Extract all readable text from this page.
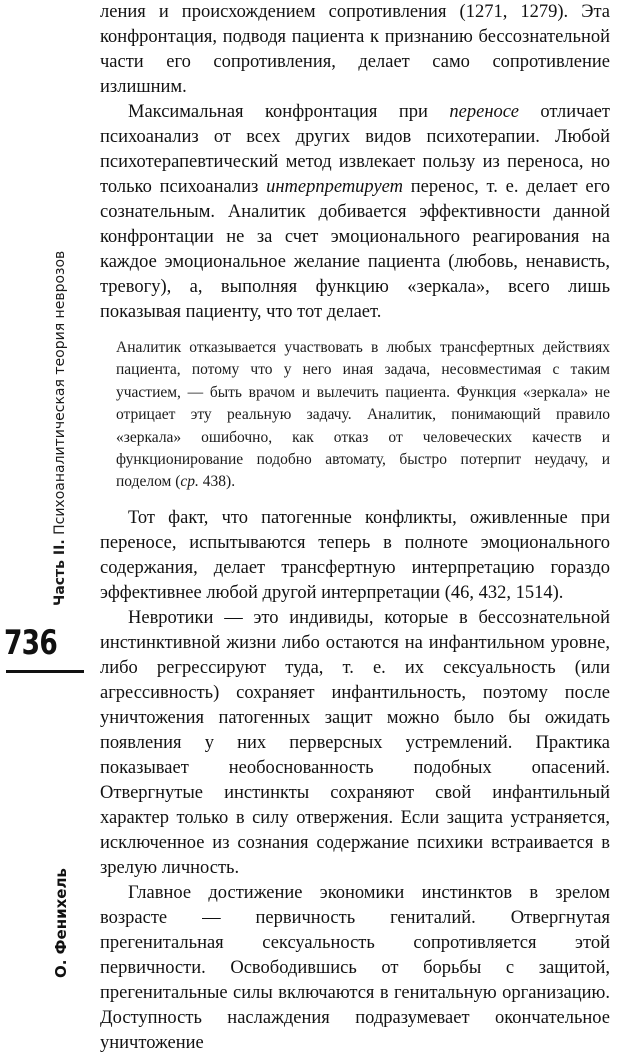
Часть II. Психоаналитическая теория неврозов
О. Фенихель
736

ления и происхождением сопротивления (1271, 1279). Эта конфронтация, подводя пациента к признанию бессознательной части его сопротивления, делает само сопротивление излишним.

Максимальная конфронтация при переносе отличает психоанализ от всех других видов психотерапии. Любой психотерапевтический метод извлекает пользу из переноса, но только психоанализ интерпретирует перенос, т. е. делает его сознательным. Аналитик добивается эффективности данной конфронтации не за счет эмоционального реагирования на каждое эмоциональное желание пациента (любовь, ненависть, тревогу), а, выполняя функцию «зеркала», всего лишь показывая пациенту, что тот делает.

Аналитик отказывается участвовать в любых трансфертных действиях пациента, потому что у него иная задача, несовместимая с таким участием, — быть врачом и вылечить пациента. Функция «зеркала» не отрицает эту реальную задачу. Аналитик, понимающий правило «зеркала» ошибочно, как отказ от человеческих качеств и функционирование подобно автомату, быстро потерпит неудачу, и поделом (ср. 438).

Тот факт, что патогенные конфликты, оживленные при переносе, испытываются теперь в полноте эмоционального содержания, делает трансфертную интерпретацию гораздо эффективнее любой другой интерпретации (46, 432, 1514).

Невротики — это индивиды, которые в бессознательной инстинктивной жизни либо остаются на инфантильном уровне, либо регрессируют туда, т. е. их сексуальность (или агрессивность) сохраняет инфантильность, поэтому после уничтожения патогенных защит можно было бы ожидать появления у них перверсных устремлений. Практика показывает необоснованность подобных опасений. Отвергнутые инстинкты сохраняют свой инфантильный характер только в силу отвержения. Если защита устраняется, исключенное из сознания содержание психики встраивается в зрелую личность.

Главное достижение экономики инстинктов в зрелом возрасте — первичность гениталий. Отвергнутая прегенитальная сексуальность сопротивляется этой первичности. Освободившись от борьбы с защитой, прегенитальные силы включаются в генитальную организацию. Доступность наслаждения подразумевает окончательное уничтожение
